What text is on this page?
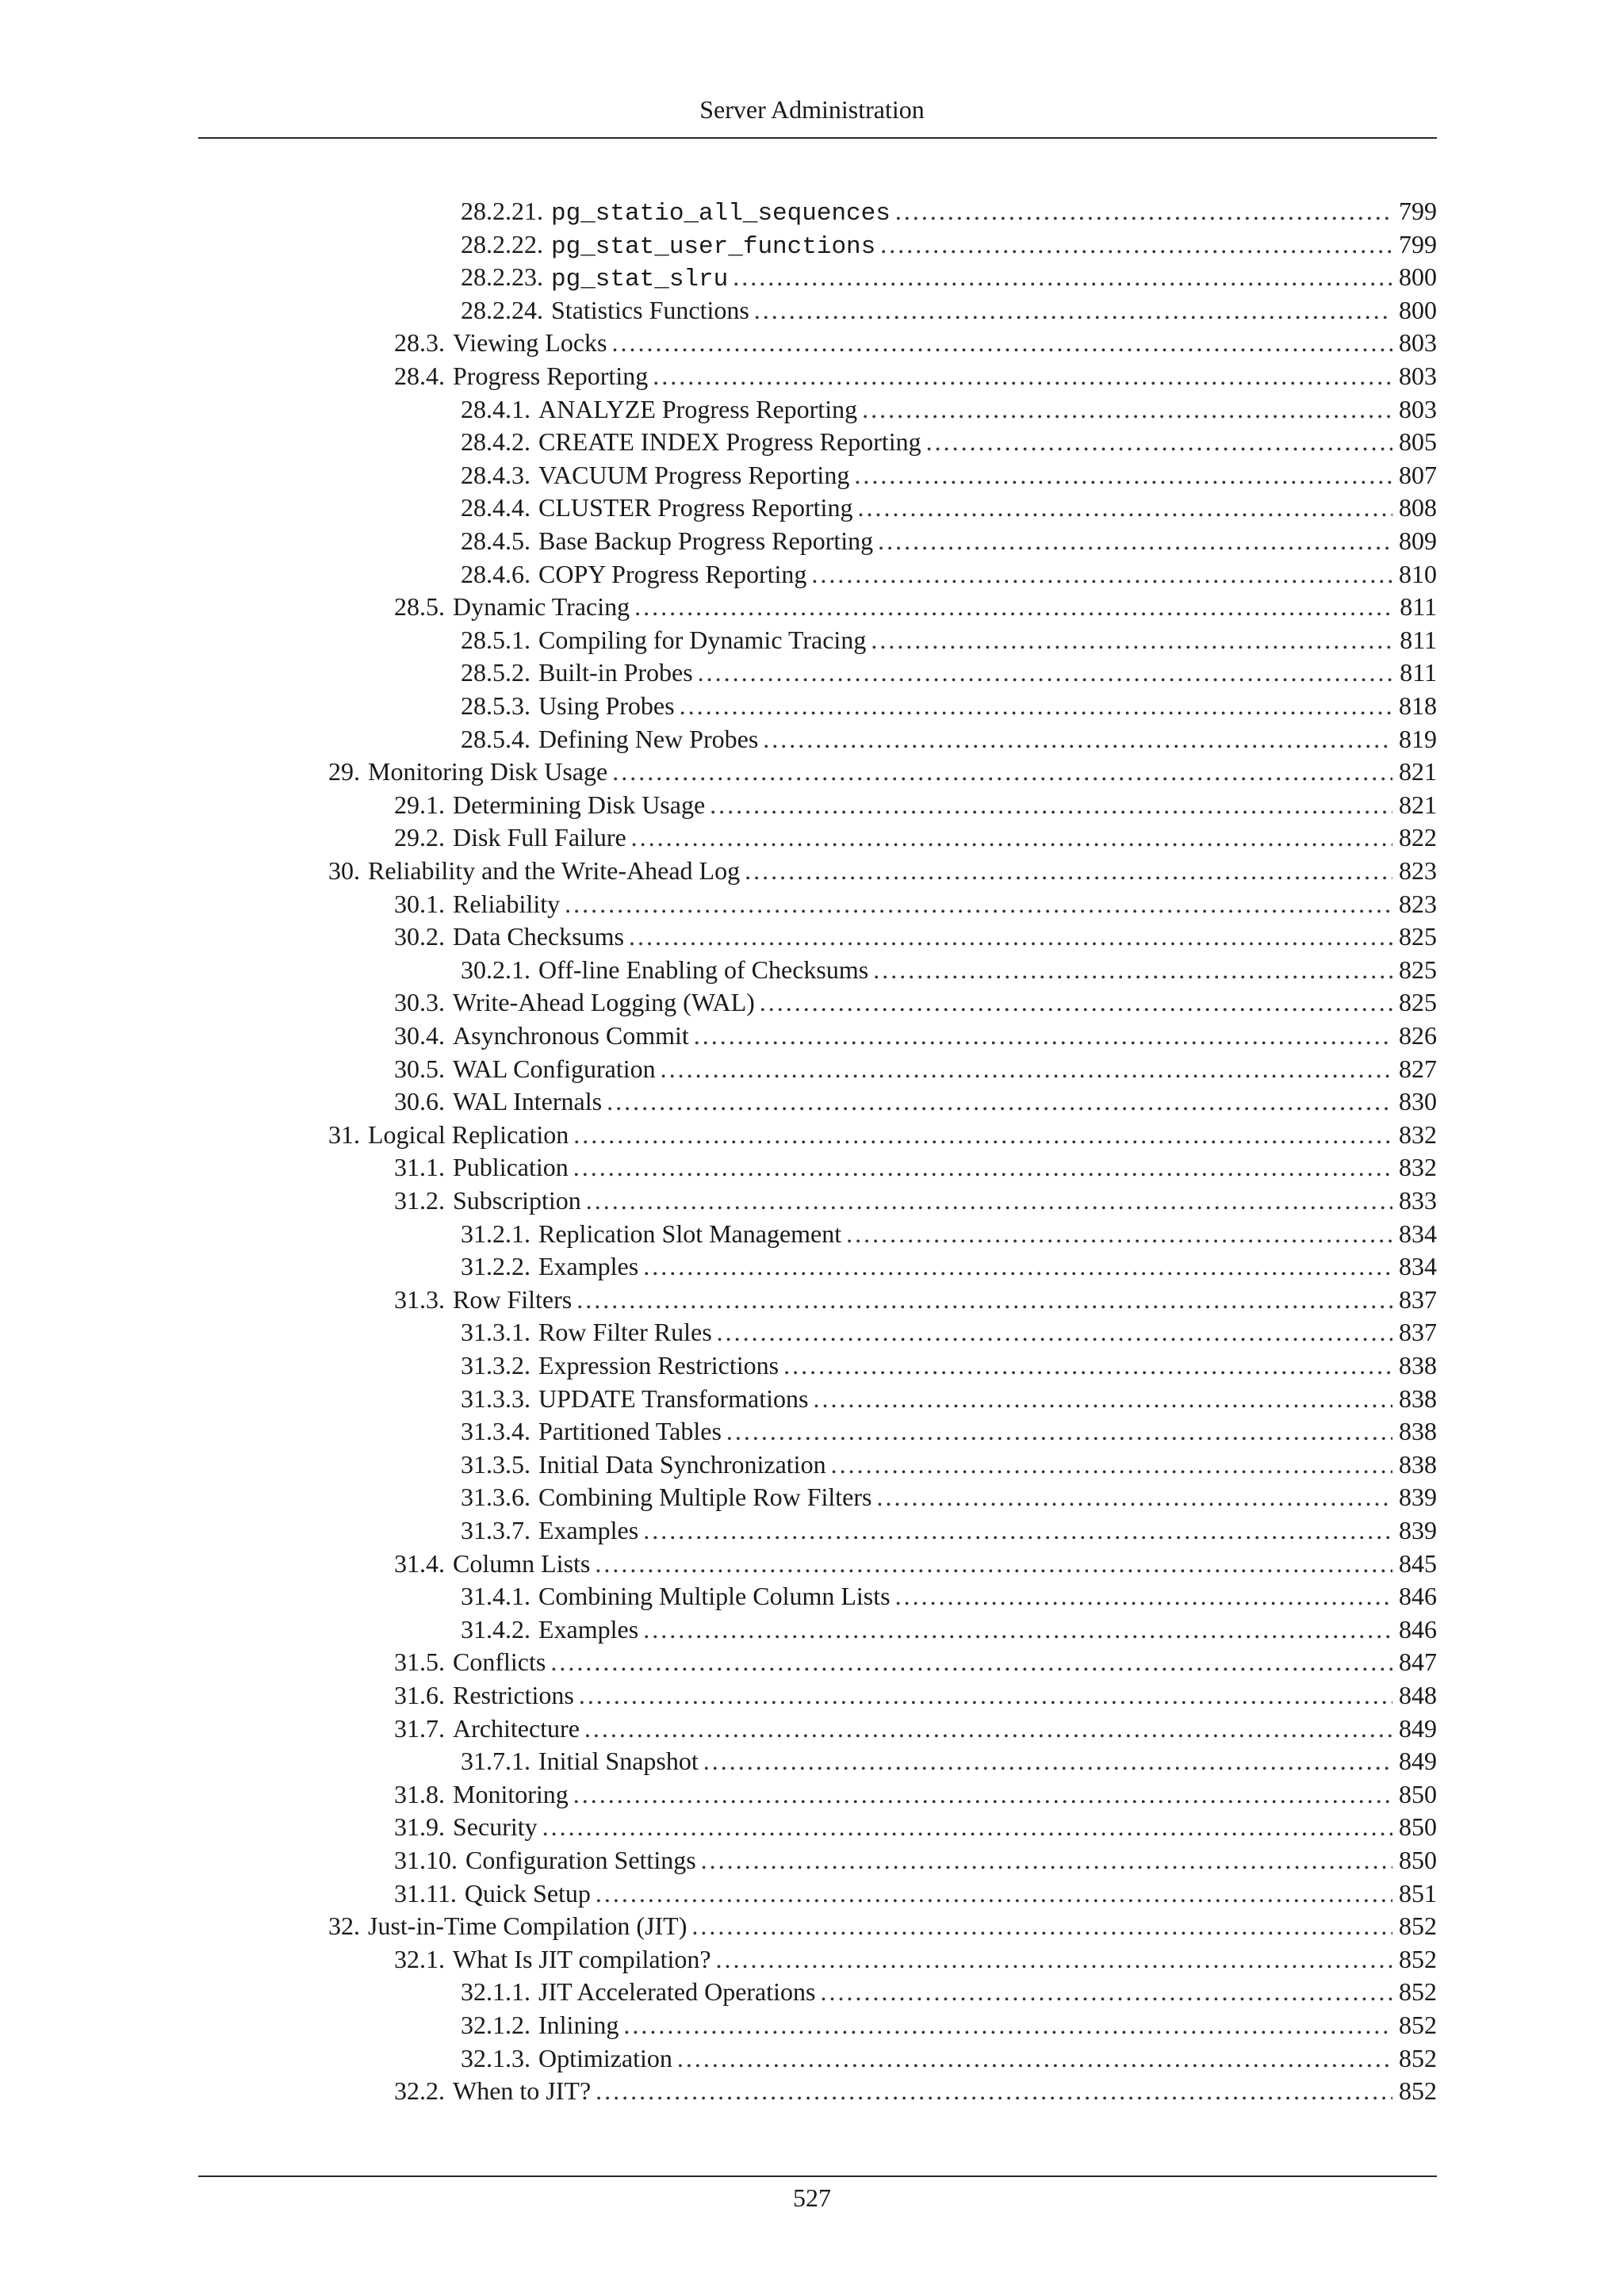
Server Administration
28.2.21. pg_statio_all_sequences .....	799
28.2.22. pg_stat_user_functions .....	799
28.2.23. pg_stat_slru .....	800
28.2.24. Statistics Functions .....	800
28.3. Viewing Locks .....	803
28.4. Progress Reporting .....	803
28.4.1. ANALYZE Progress Reporting .....	803
28.4.2. CREATE INDEX Progress Reporting .....	805
28.4.3. VACUUM Progress Reporting .....	807
28.4.4. CLUSTER Progress Reporting .....	808
28.4.5. Base Backup Progress Reporting .....	809
28.4.6. COPY Progress Reporting .....	810
28.5. Dynamic Tracing .....	811
28.5.1. Compiling for Dynamic Tracing .....	811
28.5.2. Built-in Probes .....	811
28.5.3. Using Probes .....	818
28.5.4. Defining New Probes .....	819
29. Monitoring Disk Usage .....	821
29.1. Determining Disk Usage .....	821
29.2. Disk Full Failure .....	822
30. Reliability and the Write-Ahead Log .....	823
30.1. Reliability .....	823
30.2. Data Checksums .....	825
30.2.1. Off-line Enabling of Checksums .....	825
30.3. Write-Ahead Logging (WAL) .....	825
30.4. Asynchronous Commit .....	826
30.5. WAL Configuration .....	827
30.6. WAL Internals .....	830
31. Logical Replication .....	832
31.1. Publication .....	832
31.2. Subscription .....	833
31.2.1. Replication Slot Management .....	834
31.2.2. Examples .....	834
31.3. Row Filters .....	837
31.3.1. Row Filter Rules .....	837
31.3.2. Expression Restrictions .....	838
31.3.3. UPDATE Transformations .....	838
31.3.4. Partitioned Tables .....	838
31.3.5. Initial Data Synchronization .....	838
31.3.6. Combining Multiple Row Filters .....	839
31.3.7. Examples .....	839
31.4. Column Lists .....	845
31.4.1. Combining Multiple Column Lists .....	846
31.4.2. Examples .....	846
31.5. Conflicts .....	847
31.6. Restrictions .....	848
31.7. Architecture .....	849
31.7.1. Initial Snapshot .....	849
31.8. Monitoring .....	850
31.9. Security .....	850
31.10. Configuration Settings .....	850
31.11. Quick Setup .....	851
32. Just-in-Time Compilation (JIT) .....	852
32.1. What Is JIT compilation? .....	852
32.1.1. JIT Accelerated Operations .....	852
32.1.2. Inlining .....	852
32.1.3. Optimization .....	852
32.2. When to JIT? .....	852
527
